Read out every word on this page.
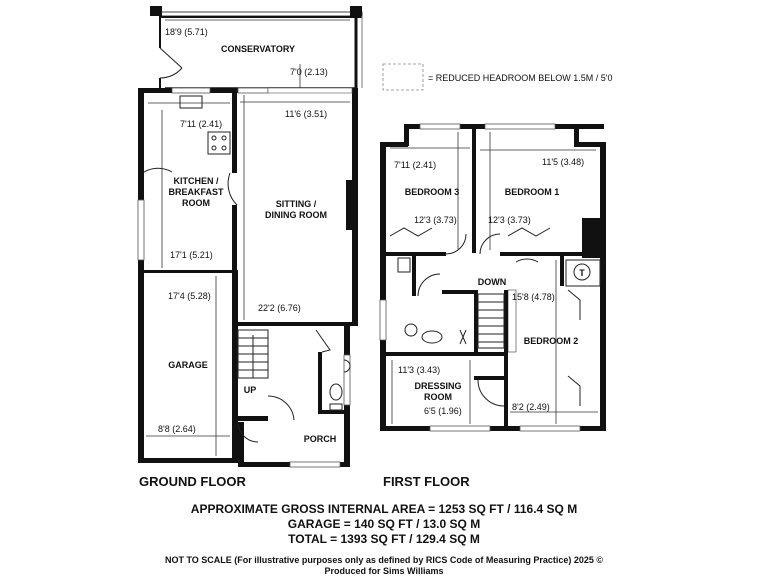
18'9 (5.71)
CONSERVATORY
7'0 (2.13)
7'11 (2.41)
KITCHEN /
BREAKFAST
ROOM
17'1 (5.21)
11'6 (3.51)
SITTING /
DINING ROOM
22'2 (6.76)
17'4 (5.28)
GARAGE
8'8 (2.64)
UP
PORCH
= REDUCED HEADROOM BELOW 1.5M / 5'0
7'11 (2.41)
BEDROOM 3
12'3 (3.73)
11'5 (3.48)
BEDROOM 1
12'3 (3.73)
DOWN
T
15'8 (4.78)
BEDROOM 2
8'2 (2.49)
11'3 (3.43)
DRESSING
ROOM
6'5 (1.96)
GROUND FLOOR	FIRST FLOOR
APPROXIMATE GROSS INTERNAL AREA = 1253 SQ FT / 116.4 SQ M
GARAGE = 140 SQ FT / 13.0 SQ M
TOTAL = 1393 SQ FT / 129.4 SQ M
NOT TO SCALE (For illustrative purposes only as defined by RICS Code of Measuring Practice) 2025 ©
Produced for Sims Williams
